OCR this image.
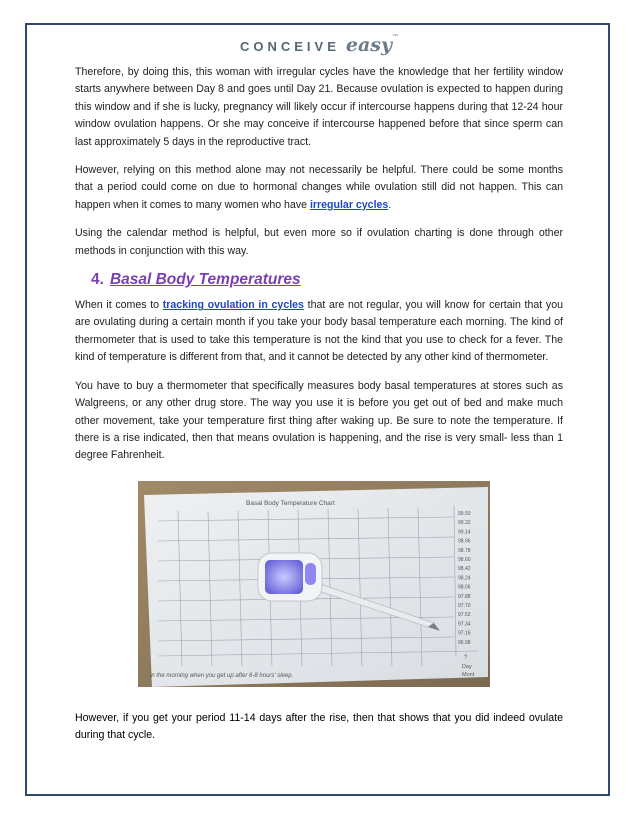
CONCEIVE easy™

Therefore, by doing this, this woman with irregular cycles have the knowledge that her fertility window starts anywhere between Day 8 and goes until Day 21. Because ovulation is expected to happen during this window and if she is lucky, pregnancy will likely occur if intercourse happens during that 12-24 hour window ovulation happens. Or she may conceive if intercourse happened before that since sperm can last approximately 5 days in the reproductive tract.

However, relying on this method alone may not necessarily be helpful. There could be some months that a period could come on due to hormonal changes while ovulation still did not happen. This can happen when it comes to many women who have irregular cycles.

Using the calendar method is helpful, but even more so if ovulation charting is done through other methods in conjunction with this way.

4. Basal Body Temperatures

When it comes to tracking ovulation in cycles that are not regular, you will know for certain that you are ovulating during a certain month if you take your body basal temperature each morning. The kind of thermometer that is used to take this temperature is not the kind that you use to check for a fever. The kind of temperature is different from that, and it cannot be detected by any other kind of thermometer.

You have to buy a thermometer that specifically measures body basal temperatures at stores such as Walgreens, or any other drug store. The way you use it is before you get out of bed and make much other movement, take your temperature first thing after waking up. Be sure to note the temperature. If there is a rise indicated, then that means ovulation is happening, and the rise is very small- less than 1 degree Fahrenheit.

Basal Body Temperature Chart
99.50
99.32
99.14
98.96
98.78
98.60
98.42
98.24
98.06
97.88
97.70
97.52
97.34
97.16
96.98
?
Day
Mont
in the morning when you get up after 6-8 hours' sleep.

However, if you get your period 11-14 days after the rise, then that shows that you did indeed ovulate during that cycle.
